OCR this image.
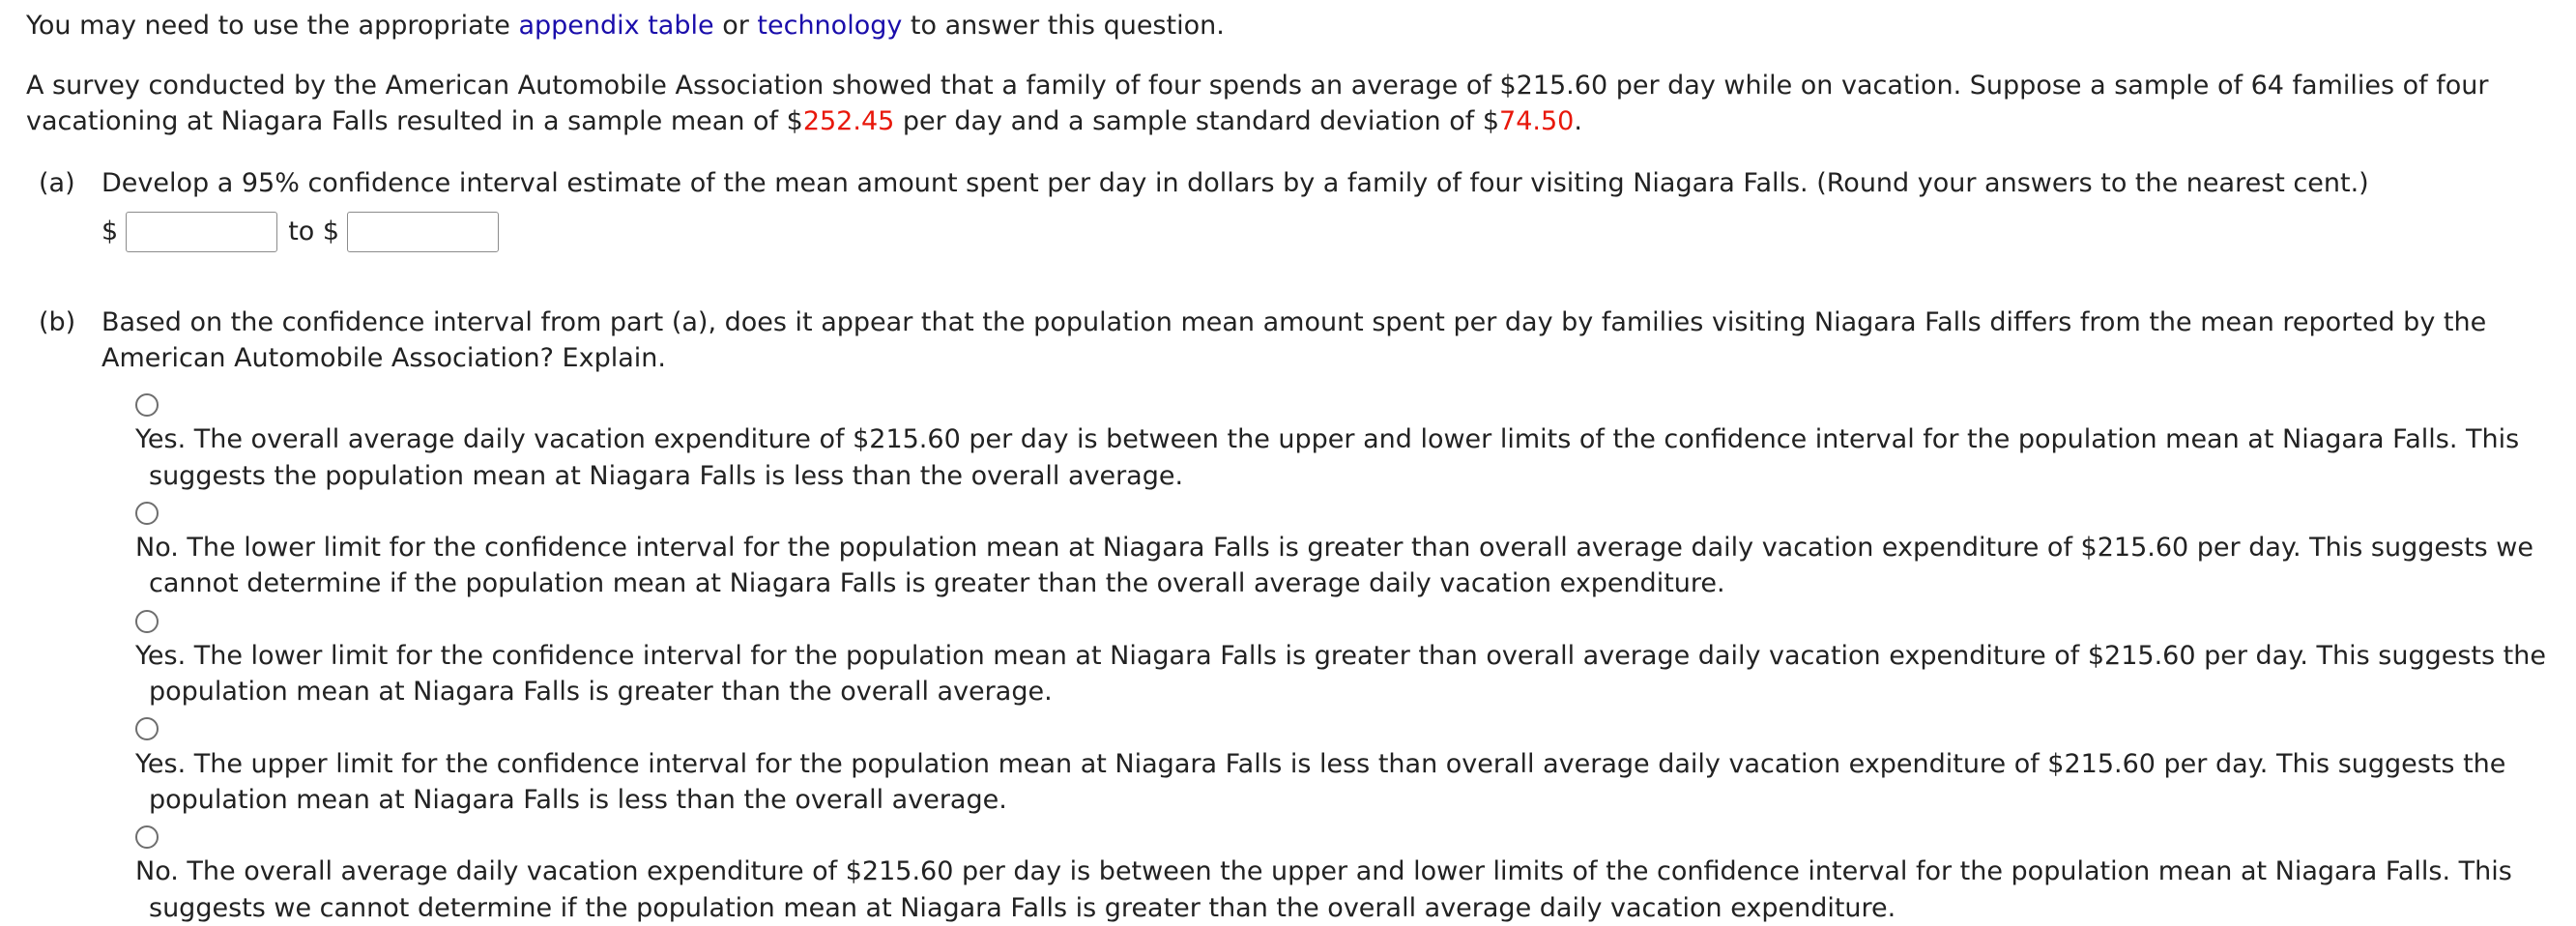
You may need to use the appropriate appendix table or technology to answer this question.

A survey conducted by the American Automobile Association showed that a family of four spends an average of $215.60 per day while on vacation. Suppose a sample of 64 families of four vacationing at Niagara Falls resulted in a sample mean of $252.45 per day and a sample standard deviation of $74.50.

(a) Develop a 95% confidence interval estimate of the mean amount spent per day in dollars by a family of four visiting Niagara Falls. (Round your answers to the nearest cent.)
$	to $
(b) Based on the confidence interval from part (a), does it appear that the population mean amount spent per day by families visiting Niagara Falls differs from the mean reported by the American Automobile Association? Explain.
Yes. The overall average daily vacation expenditure of $215.60 per day is between the upper and lower limits of the confidence interval for the population mean at Niagara Falls. This suggests the population mean at Niagara Falls is less than the overall average.
No. The lower limit for the confidence interval for the population mean at Niagara Falls is greater than overall average daily vacation expenditure of $215.60 per day. This suggests we cannot determine if the population mean at Niagara Falls is greater than the overall average daily vacation expenditure.
Yes. The lower limit for the confidence interval for the population mean at Niagara Falls is greater than overall average daily vacation expenditure of $215.60 per day. This suggests the population mean at Niagara Falls is greater than the overall average.
Yes. The upper limit for the confidence interval for the population mean at Niagara Falls is less than overall average daily vacation expenditure of $215.60 per day. This suggests the population mean at Niagara Falls is less than the overall average.
No. The overall average daily vacation expenditure of $215.60 per day is between the upper and lower limits of the confidence interval for the population mean at Niagara Falls. This suggests we cannot determine if the population mean at Niagara Falls is greater than the overall average daily vacation expenditure.
